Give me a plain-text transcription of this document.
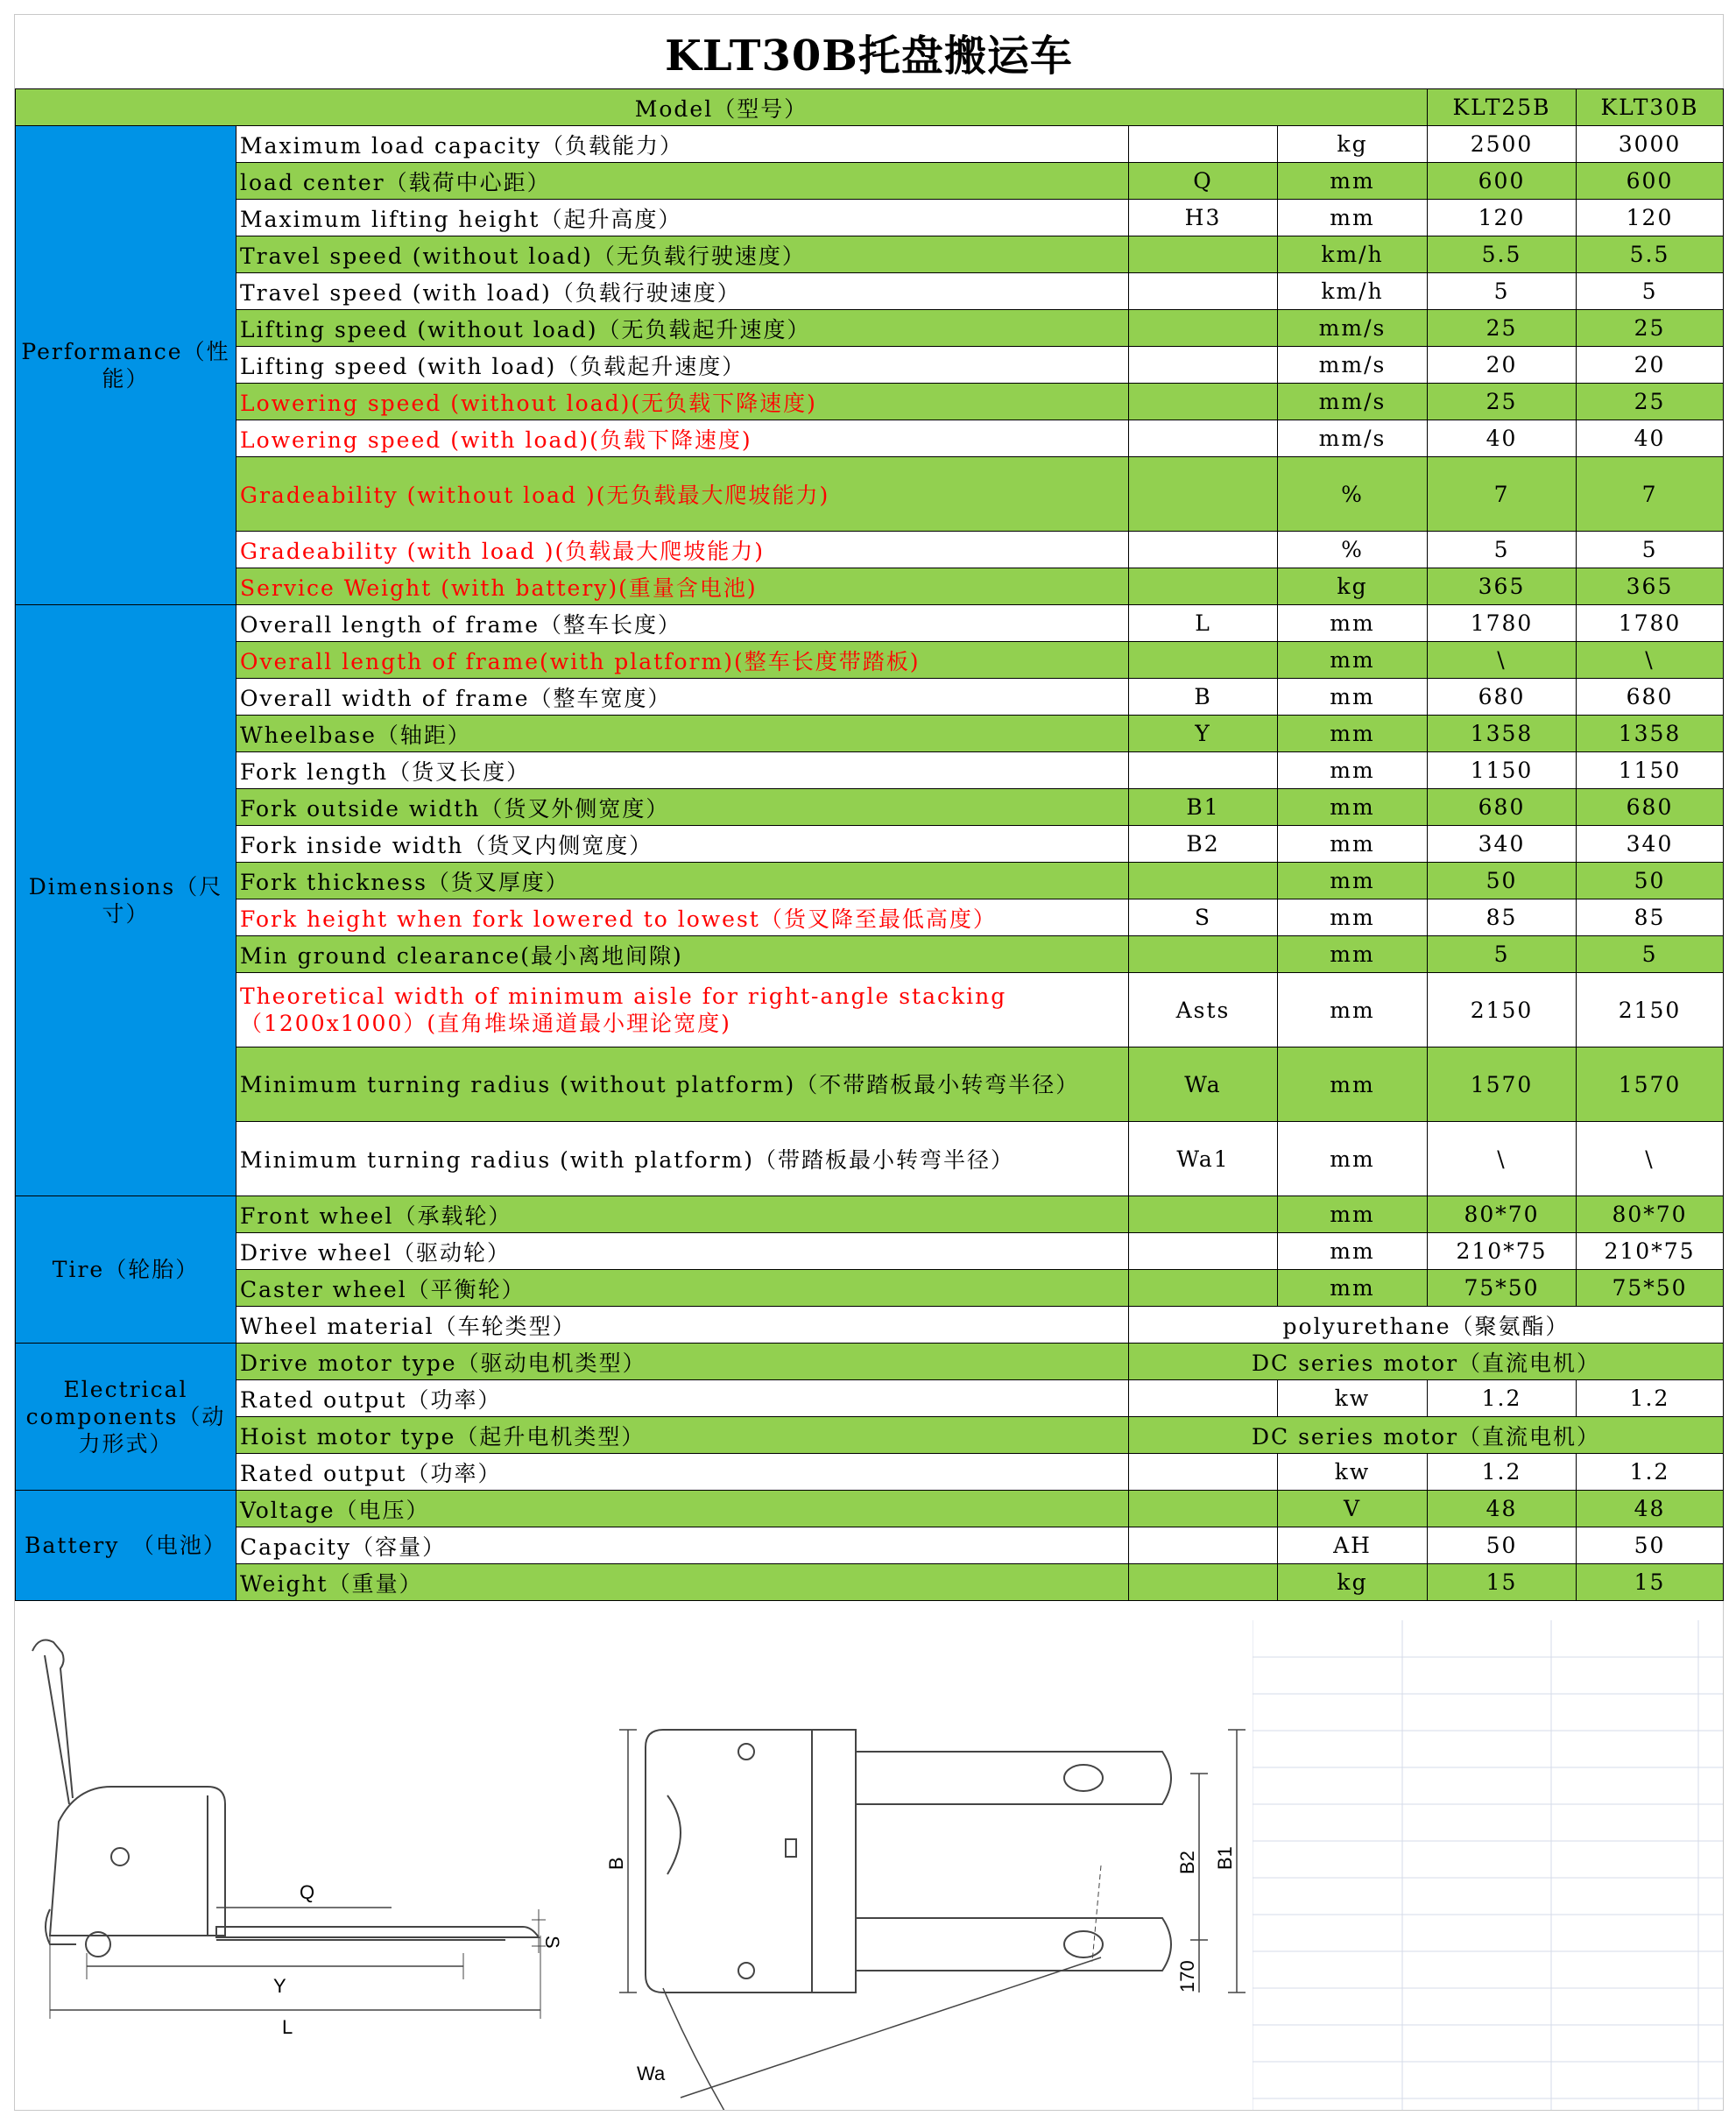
KLT30B托盘搬运车
Model（型号）				KLT25B	KLT30B
Performance（性能）	Maximum load capacity（负载能力）		kg	2500	3000
	load center（载荷中心距）	Q	mm	600	600
	Maximum lifting height（起升高度）	H3	mm	120	120
	Travel speed (without load)（无负载行驶速度）		km/h	5.5	5.5
	Travel speed (with load)（负载行驶速度）		km/h	5	5
	Lifting speed (without load)（无负载起升速度）		mm/s	25	25
	Lifting speed (with load)（负载起升速度）		mm/s	20	20
	Lowering speed (without load)(无负载下降速度)		mm/s	25	25
	Lowering speed (with load)(负载下降速度)		mm/s	40	40
	Gradeability (without load )(无负载最大爬坡能力)		%	7	7
	Gradeability (with load )(负载最大爬坡能力)		%	5	5
	Service Weight (with battery)(重量含电池)		kg	365	365
Dimensions（尺寸）	Overall length of frame（整车长度）	L	mm	1780	1780
	Overall length of frame(with platform)(整车长度带踏板)		mm	\	\
	Overall width of frame（整车宽度）	B	mm	680	680
	Wheelbase（轴距）	Y	mm	1358	1358
	Fork length（货叉长度）		mm	1150	1150
	Fork outside width（货叉外侧宽度）	B1	mm	680	680
	Fork inside width（货叉内侧宽度）	B2	mm	340	340
	Fork thickness（货叉厚度）		mm	50	50
	Fork height when fork lowered to lowest（货叉降至最低高度）	S	mm	85	85
	Min ground clearance(最小离地间隙)		mm	5	5
	Theoretical width of minimum aisle for right-angle stacking（1200x1000）(直角堆垛通道最小理论宽度)	Asts	mm	2150	2150
	Minimum turning radius (without platform)（不带踏板最小转弯半径）	Wa	mm	1570	1570
	Minimum turning radius (with platform)（带踏板最小转弯半径）	Wa1	mm	\	\
Tire（轮胎）	Front wheel（承载轮）		mm	80*70	80*70
	Drive wheel（驱动轮）		mm	210*75	210*75
	Caster wheel（平衡轮）		mm	75*50	75*50
	Wheel material（车轮类型）	polyurethane（聚氨酯）			
Electrical components（动力形式）	Drive motor type（驱动电机类型）	DC series motor（直流电机）			
	Rated output（功率）		kw	1.2	1.2
	Hoist motor type（起升电机类型）	DC series motor（直流电机）			
	Rated output（功率）		kw	1.2	1.2
Battery　（电池）	Voltage（电压）		V	48	48
	Capacity（容量）		AH	50	50
	Weight（重量）		kg	15	15
Q
Y
L
S
B	B2 B1
170
Wa
